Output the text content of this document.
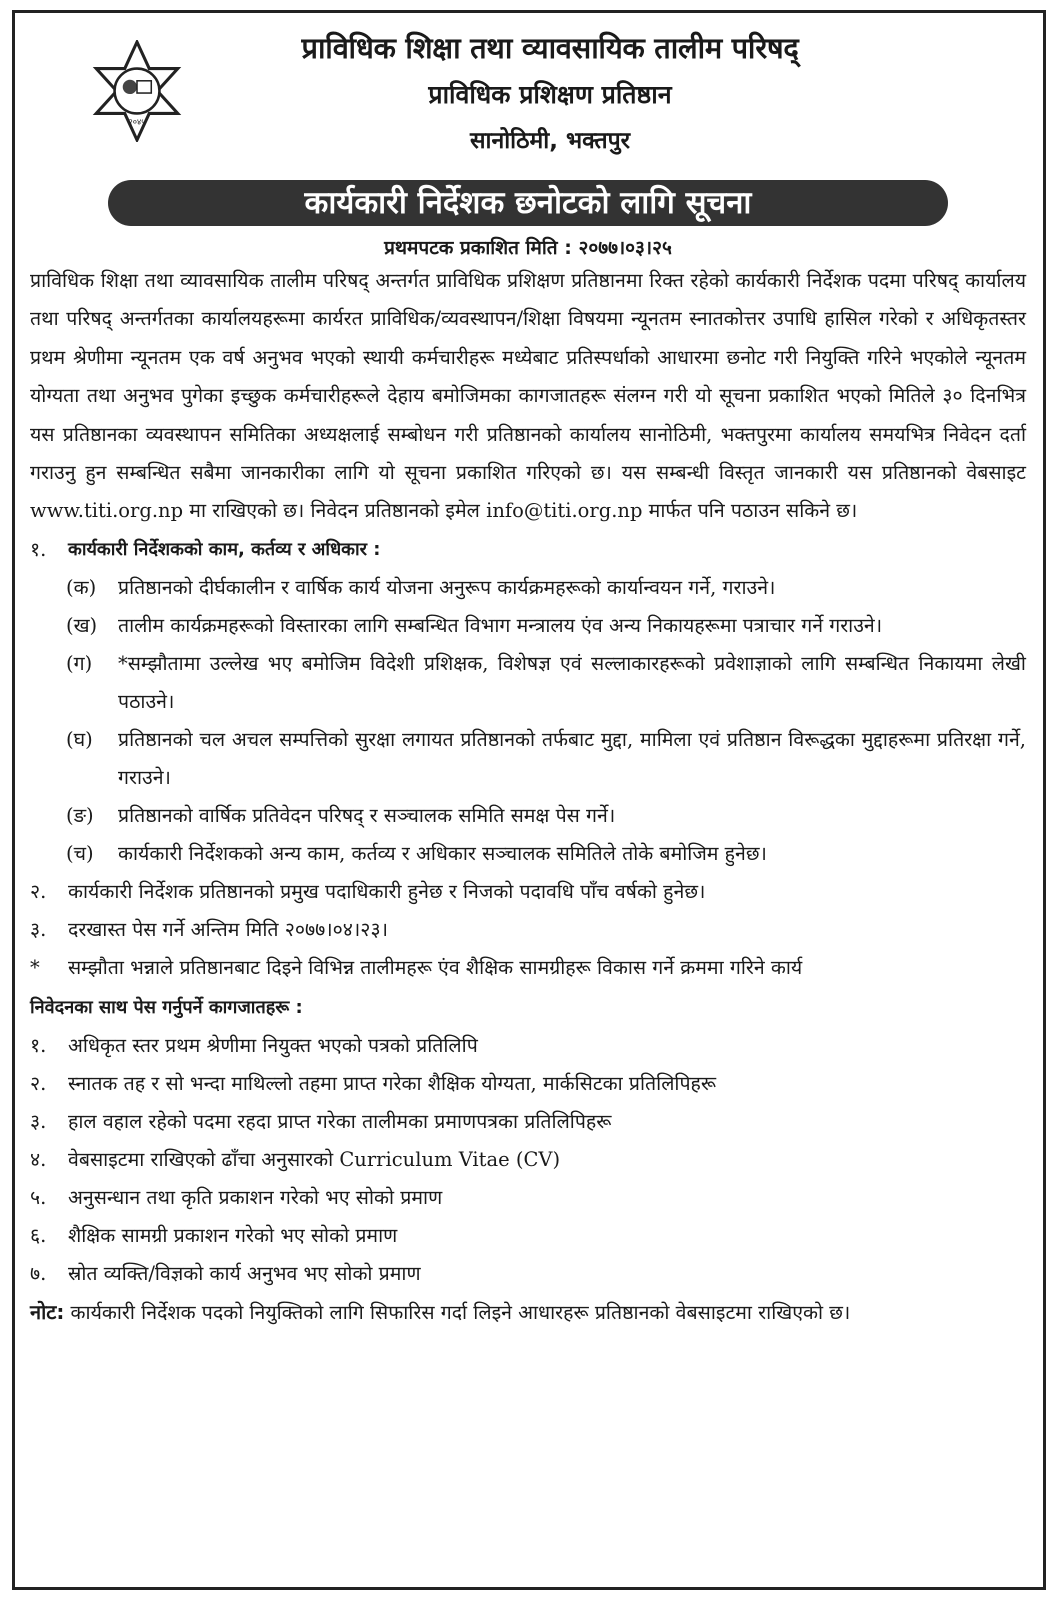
२०४५
प्राविधिक शिक्षा तथा व्यावसायिक तालीम परिषद्
प्राविधिक प्रशिक्षण प्रतिष्ठान
सानोठिमी, भक्तपुर
कार्यकारी निर्देशक छनोटको लागि सूचना
प्रथमपटक प्रकाशित मिति : २०७७।०३।२५
प्राविधिक शिक्षा तथा व्यावसायिक तालीम परिषद् अन्तर्गत प्राविधिक प्रशिक्षण प्रतिष्ठानमा रिक्त रहेको कार्यकारी निर्देशक पदमा परिषद् कार्यालय तथा परिषद् अन्तर्गतका कार्यालयहरूमा कार्यरत प्राविधिक/व्यवस्थापन/शिक्षा विषयमा न्यूनतम स्नातकोत्तर उपाधि हासिल गरेको र अधिकृतस्तर प्रथम श्रेणीमा न्यूनतम एक वर्ष अनुभव भएको स्थायी कर्मचारीहरू मध्येबाट प्रतिस्पर्धाको आधारमा छनोट गरी नियुक्ति गरिने भएकोले न्यूनतम योग्यता तथा अनुभव पुगेका इच्छुक कर्मचारीहरूले देहाय बमोजिमका कागजातहरू संलग्न गरी यो सूचना प्रकाशित भएको मितिले ३० दिनभित्र यस प्रतिष्ठानका व्यवस्थापन समितिका अध्यक्षलाई सम्बोधन गरी प्रतिष्ठानको कार्यालय सानोठिमी, भक्तपुरमा कार्यालय समयभित्र निवेदन दर्ता गराउनु हुन सम्बन्धित सबैमा जानकारीका लागि यो सूचना प्रकाशित गरिएको छ। यस सम्बन्धी विस्तृत जानकारी यस प्रतिष्ठानको वेबसाइट www.titi.org.np मा राखिएको छ। निवेदन प्रतिष्ठानको इमेल info@titi.org.np मार्फत पनि पठाउन सकिने छ।
१.	कार्यकारी निर्देशकको काम, कर्तव्य र अधिकार :
(क)	प्रतिष्ठानको दीर्घकालीन र वार्षिक कार्य योजना अनुरूप कार्यक्रमहरूको कार्यान्वयन गर्ने, गराउने।
(ख)	तालीम कार्यक्रमहरूको विस्तारका लागि सम्बन्धित विभाग मन्त्रालय एंव अन्य निकायहरूमा पत्राचार गर्ने गराउने।
(ग)	*सम्झौतामा उल्लेख भए बमोजिम विदेशी प्रशिक्षक, विशेषज्ञ एवं सल्लाकारहरूको प्रवेशाज्ञाको लागि सम्बन्धित निकायमा लेखी पठाउने।
(घ)	प्रतिष्ठानको चल अचल सम्पत्तिको सुरक्षा लगायत प्रतिष्ठानको तर्फबाट मुद्दा, मामिला एवं प्रतिष्ठान विरूद्धका मुद्दाहरूमा प्रतिरक्षा गर्ने, गराउने।
(ङ)	प्रतिष्ठानको वार्षिक प्रतिवेदन परिषद् र सञ्चालक समिति समक्ष पेस गर्ने।
(च)	कार्यकारी निर्देशकको अन्य काम, कर्तव्य र अधिकार सञ्चालक समितिले तोके बमोजिम हुनेछ।
२.	कार्यकारी निर्देशक प्रतिष्ठानको प्रमुख पदाधिकारी हुनेछ र निजको पदावधि पाँच वर्षको हुनेछ।
३.	दरखास्त पेस गर्ने अन्तिम मिति २०७७।०४।२३।
*	सम्झौता भन्नाले प्रतिष्ठानबाट दिइने विभिन्न तालीमहरू एंव शैक्षिक सामग्रीहरू विकास गर्ने क्रममा गरिने कार्य
निवेदनका साथ पेस गर्नुपर्ने कागजातहरू :
१.	अधिकृत स्तर प्रथम श्रेणीमा नियुक्त भएको पत्रको प्रतिलिपि
२.	स्नातक तह र सो भन्दा माथिल्लो तहमा प्राप्त गरेका शैक्षिक योग्यता, मार्कसिटका प्रतिलिपिहरू
३.	हाल वहाल रहेको पदमा रहदा प्राप्त गरेका तालीमका प्रमाणपत्रका प्रतिलिपिहरू
४.	वेबसाइटमा राखिएको ढाँचा अनुसारको Curriculum Vitae (CV)
५.	अनुसन्धान तथा कृति प्रकाशन गरेको भए सोको प्रमाण
६.	शैक्षिक सामग्री प्रकाशन गरेको भए सोको प्रमाण
७.	स्रोत व्यक्ति/विज्ञको कार्य अनुभव भए सोको प्रमाण
नोट: कार्यकारी निर्देशक पदको नियुक्तिको लागि सिफारिस गर्दा लिइने आधारहरू प्रतिष्ठानको वेबसाइटमा राखिएको छ।
